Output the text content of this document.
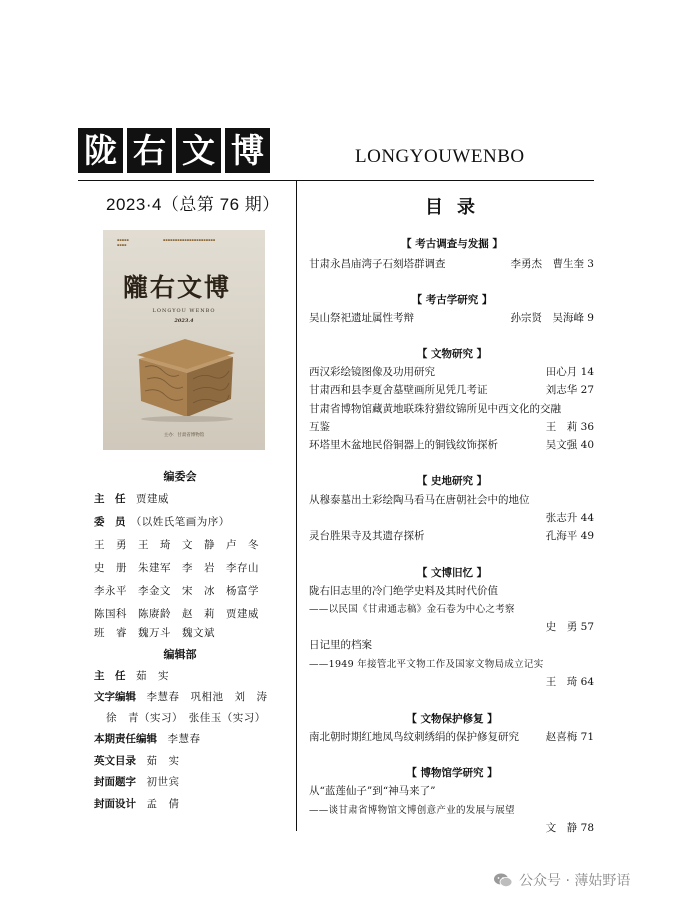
陇 右 文 博	LONGYOUWENBO
2023·4（总第 76 期）
▪▪▪▪▪
▪▪▪▪
▪▪▪▪▪▪▪▪▪▪▪▪▪▪▪▪▪▪▪▪▪▪
隴右文博
LONGYOU WENBO
2023.4
主办：甘肃省博物馆
编委会
主　任　 贾建威
委　员　 （以姓氏笔画为序）
王　勇　王　琦　文　静　卢　冬
史　册　朱建军　李　岩　李存山
李永平　李金文　宋　冰　杨富学
陈国科　陈赓龄　赵　莉　贾建威
班　睿　魏万斗　魏文斌
编辑部
主　任　 茹　实
文字编辑　 李慧春　巩相池　刘　涛
徐　青（实习）　张佳玉（实习）
本期责任编辑　 李慧春
英文目录　 茹　实
封面题字　 初世宾
封面设计　 孟　倩
目录
【 考古调查与发掘 】
甘肃永昌庙湾子石刻塔群调查	李勇杰　曹生奎 3
【 考古学研究 】
吴山祭祀遗址属性考辩	孙宗贤　吴海峰 9
【 文物研究 】
西汉彩绘镜图像及功用研究	田心月 14
甘肃西和县李夏舍墓壁画所见凭几考证	刘志华 27
甘肃省博物馆藏黄地联珠狩猎纹锦所见中西文化的交融
互鉴	王　莉 36
环塔里木盆地民俗铜器上的铜钱纹饰探析	吴文强 40
【 史地研究 】
从穆泰墓出土彩绘陶马看马在唐朝社会中的地位
张志升 44
灵台胜果寺及其遗存探析	孔海平 49
【 文博旧忆 】
陇右旧志里的冷门绝学史料及其时代价值
——以民国《甘肃通志稿》金石卷为中心之考察
史　勇 57
日记里的档案
——1949 年接管北平文物工作及国家文物局成立记实
王　琦 64
【 文物保护修复 】
南北朝时期红地凤鸟纹刺绣绢的保护修复研究	赵喜梅 71
【 博物馆学研究 】
从“蓝莲仙子”到“神马来了”
——谈甘肃省博物馆文博创意产业的发展与展望
文　静 78
公众号 · 薄姑野语
